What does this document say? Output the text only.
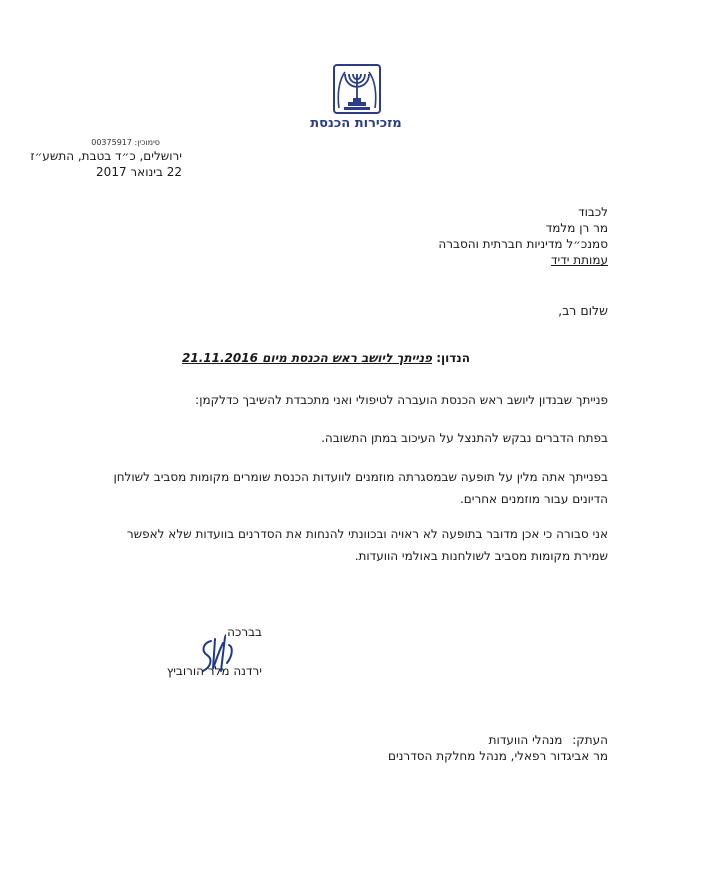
מזכירות הכנסת
סימוכין: 00375917
ירושלים, כ״ד בטבת, התשע״ז
22 בינואר 2017
לכבוד
מר רן מלמד
סמנכ״ל מדיניות חברתית והסברה
עמותת ידיד
שלום רב,
הנדון: פנייתך ליושב ראש הכנסת מיום 21.11.2016
פנייתך שבנדון ליושב ראש הכנסת הועברה לטיפולי ואני מתכבדת להשיבך כדלקמן:
בפתח הדברים נבקש להתנצל על העיכוב במתן התשובה.
בפנייתך אתה מלין על תופעה שבמסגרתה מוזמנים לוועדות הכנסת שומרים מקומות מסביב לשולחן הדיונים עבור מוזמנים אחרים.
אני סבורה כי אכן מדובר בתופעה לא ראויה ובכוונתי להנחות את הסדרנים בוועדות שלא לאפשר שמירת מקומות מסביב לשולחנות באולמי הוועדות.
בברכה,
ירדנה מלר הורוביץ
העתק: מנהלי הוועדות
מר אביגדור רפאלי, מנהל מחלקת הסדרנים
